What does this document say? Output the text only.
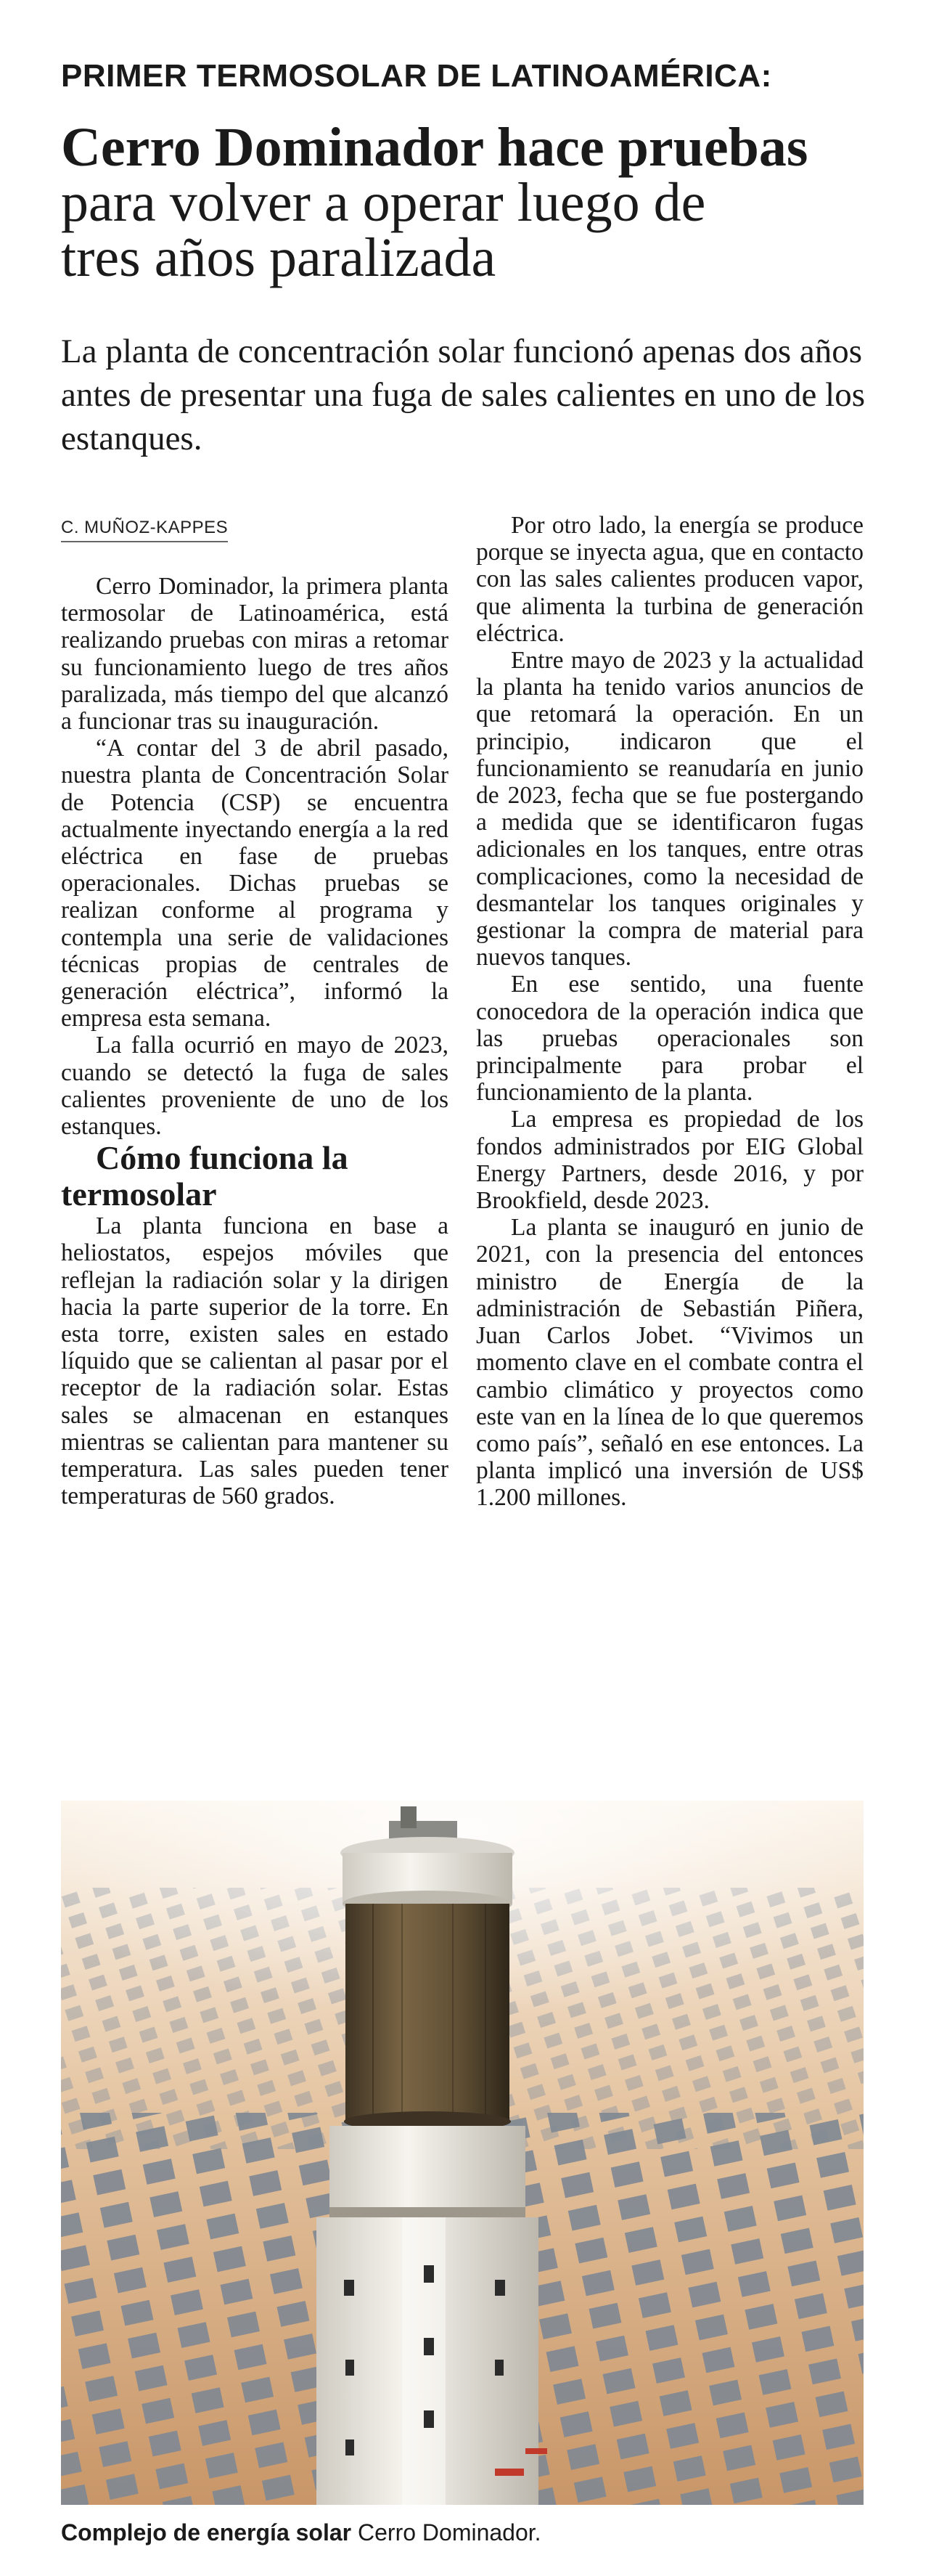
PRIMER TERMOSOLAR DE LATINOAMÉRICA:
Cerro Dominador hace pruebas
para volver a operar luego de
tres años paralizada
La planta de concentración solar funcionó apenas dos años antes de presentar una fuga de sales calientes en uno de los estanques.
C. MUÑOZ-KAPPES

Cerro Dominador, la primera planta termosolar de Latinoamérica, está realizando pruebas con miras a retomar su funcionamiento luego de tres años paralizada, más tiempo del que alcanzó a funcionar tras su inauguración.

“A contar del 3 de abril pasado, nuestra planta de Concentración Solar de Potencia (CSP) se encuentra actualmente inyectando energía a la red eléctrica en fase de pruebas operacionales. Dichas pruebas se realizan conforme al programa y contempla una serie de validaciones técnicas propias de centrales de generación eléctrica”, informó la empresa esta semana.

La falla ocurrió en mayo de 2023, cuando se detectó la fuga de sales calientes proveniente de uno de los estanques.

Cómo funciona la termosolar

La planta funciona en base a heliostatos, espejos móviles que reflejan la radiación solar y la dirigen hacia la parte superior de la torre. En esta torre, existen sales en estado líquido que se calientan al pasar por el receptor de la radiación solar. Estas sales se almacenan en estanques mientras se calientan para mantener su temperatura. Las sales pueden tener temperaturas de 560 grados.

Por otro lado, la energía se produce porque se inyecta agua, que en contacto con las sales calientes producen vapor, que alimenta la turbina de generación eléctrica.

Entre mayo de 2023 y la actualidad la planta ha tenido varios anuncios de que retomará la operación. En un principio, indicaron que el funcionamiento se reanudaría en junio de 2023, fecha que se fue postergando a medida que se identificaron fugas adicionales en los tanques, entre otras complicaciones, como la necesidad de desmantelar los tanques originales y gestionar la compra de material para nuevos tanques.

En ese sentido, una fuente conocedora de la operación indica que las pruebas operacionales son principalmente para probar el funcionamiento de la planta.

La empresa es propiedad de los fondos administrados por EIG Global Energy Partners, desde 2016, y por Brookfield, desde 2023.

La planta se inauguró en junio de 2021, con la presencia del entonces ministro de Energía de la administración de Sebastián Piñera, Juan Carlos Jobet. “Vivimos un momento clave en el combate contra el cambio climático y proyectos como este van en la línea de lo que queremos como país”, señaló en ese entonces. La planta implicó una inversión de US$ 1.200 millones.

Complejo de energía solar Cerro Dominador.
